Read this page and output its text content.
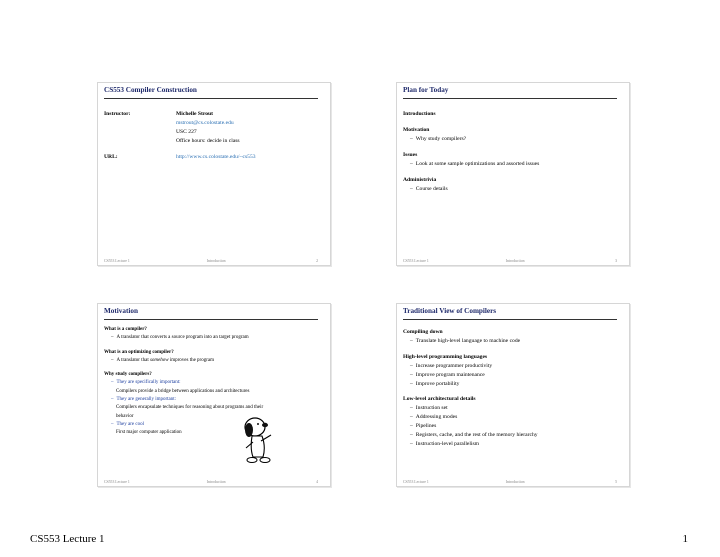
CS553 Compiler Construction
Instructor:	Michelle Strout
mstrout@cs.colostate.edu
USC 227
Office hours: decide in class
URL:	http://www.cs.colostate.edu/~cs553
CS553 Lecture 1	Introduction	2
Plan for Today
Introductions
Motivation
– Why study compilers?
Issues
– Look at some sample optimizations and assorted issues
Administrivia
– Course details
CS553 Lecture 1	Introduction	3
Motivation
What is a compiler?
– A translator that converts a source program into an target program
What is an optimizing compiler?
– A translator that somehow improves the program
Why study compilers?
– They are specifically important:
Compilers provide a bridge between applications and architectures
– They are generally important:
Compilers encapsulate techniques for reasoning about programs and their behavior
– They are cool
First major computer application
CS553 Lecture 1	Introduction	4
Traditional View of Compilers
Compiling down
– Translate high-level language to machine code
High-level programming languages
– Increase programmer productivity
– Improve program maintenance
– Improve portability
Low-level architectural details
– Instruction set
– Addressing modes
– Pipelines
– Registers, cache, and the rest of the memory hierarchy
– Instruction-level parallelism
CS553 Lecture 1	Introduction	5
CS553 Lecture 1	1
